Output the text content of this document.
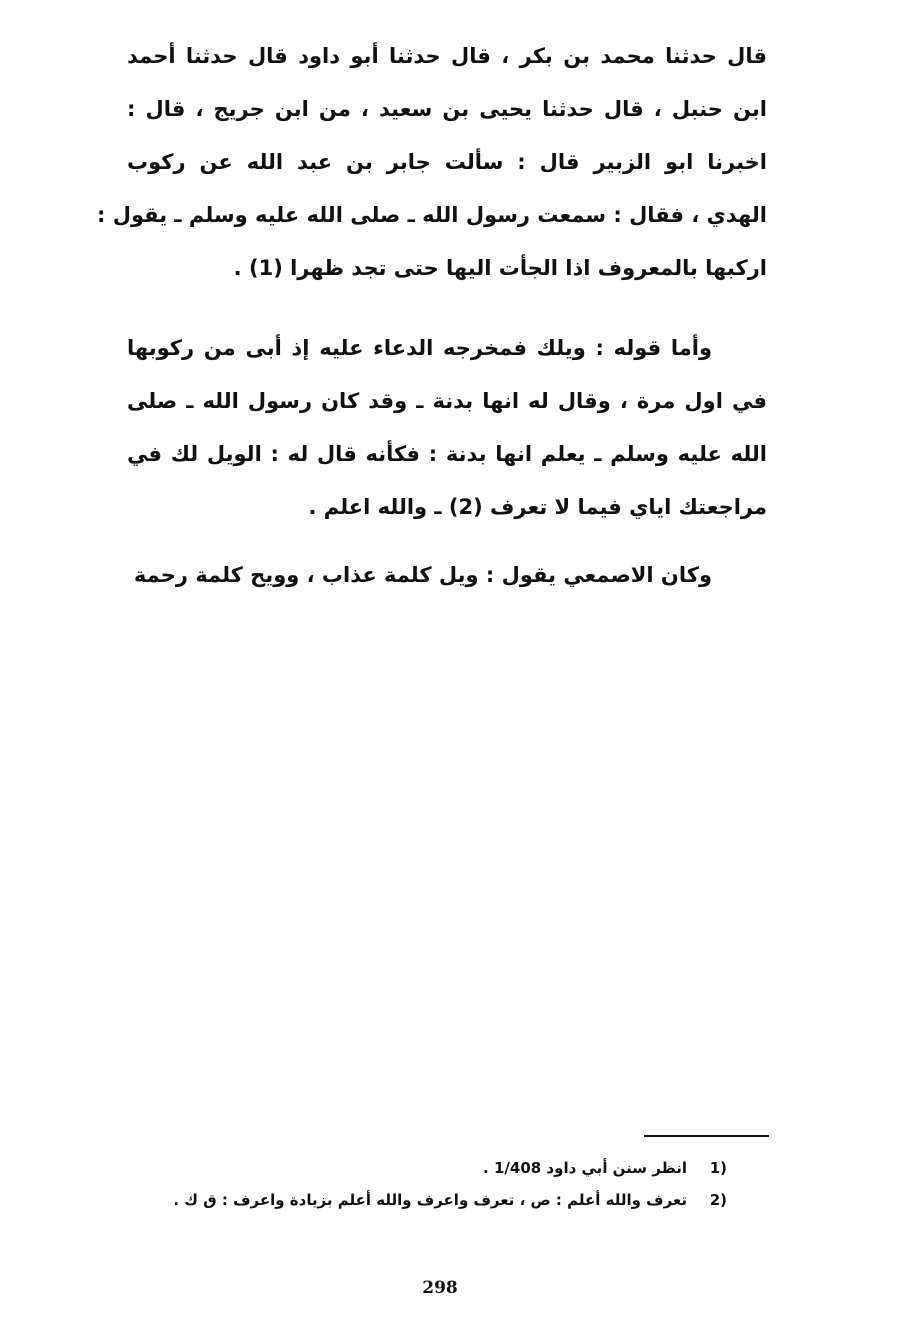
قال حدثنا محمد بن بكر ، قال حدثنا أبو داود قال حدثنا أحمد
ابن حنبل ، قال حدثنا يحيى بن سعيد ، من ابن جريج ، قال :
اخبرنا ابو الزبير قال : سألت جابر بن عبد الله عن ركوب
الهدي ، فقال : سمعت رسول الله ـ صلى الله عليه وسلم ـ يقول :
اركبها بالمعروف اذا الجأت اليها حتى تجد ظهرا (1) .
وأما قوله : ويلك فمخرجه الدعاء عليه إذ أبى من ركوبها
في اول مرة ، وقال له انها بدنة ـ وقد كان رسول الله ـ صلى
الله عليه وسلم ـ يعلم انها بدنة : فكأنه قال له : الويل لك في
مراجعتك اياي فيما لا تعرف (2) ـ والله اعلم .
وكان الاصمعي يقول : ويل كلمة عذاب ، وويح كلمة رحمة
(1انظر سنن أبي داود 1/408 .
(2تعرف والله أعلم : ص ، تعرف واعرف والله أعلم بزيادة واعرف : ق ك .
298
